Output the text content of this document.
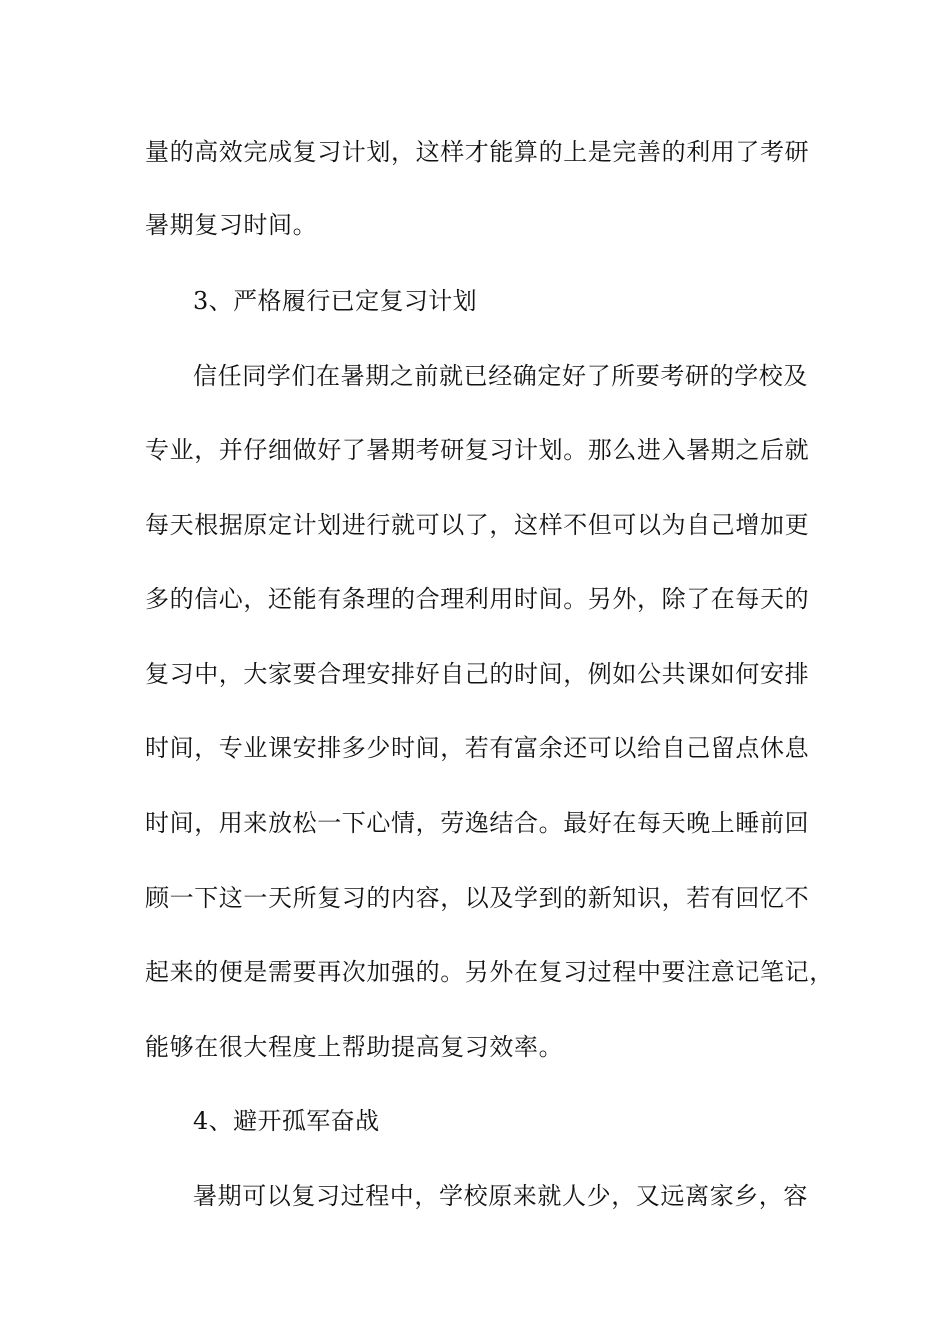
量的高效完成复习计划，这样才能算的上是完善的利用了考研
暑期复习时间。
3、严格履行已定复习计划
信任同学们在暑期之前就已经确定好了所要考研的学校及
专业，并仔细做好了暑期考研复习计划。那么进入暑期之后就
每天根据原定计划进行就可以了，这样不但可以为自己增加更
多的信心，还能有条理的合理利用时间。另外，除了在每天的
复习中，大家要合理安排好自己的时间，例如公共课如何安排
时间，专业课安排多少时间，若有富余还可以给自己留点休息
时间，用来放松一下心情，劳逸结合。最好在每天晚上睡前回
顾一下这一天所复习的内容，以及学到的新知识，若有回忆不
起来的便是需要再次加强的。另外在复习过程中要注意记笔记，
能够在很大程度上帮助提高复习效率。
4、避开孤军奋战
暑期可以复习过程中，学校原来就人少，又远离家乡，容
